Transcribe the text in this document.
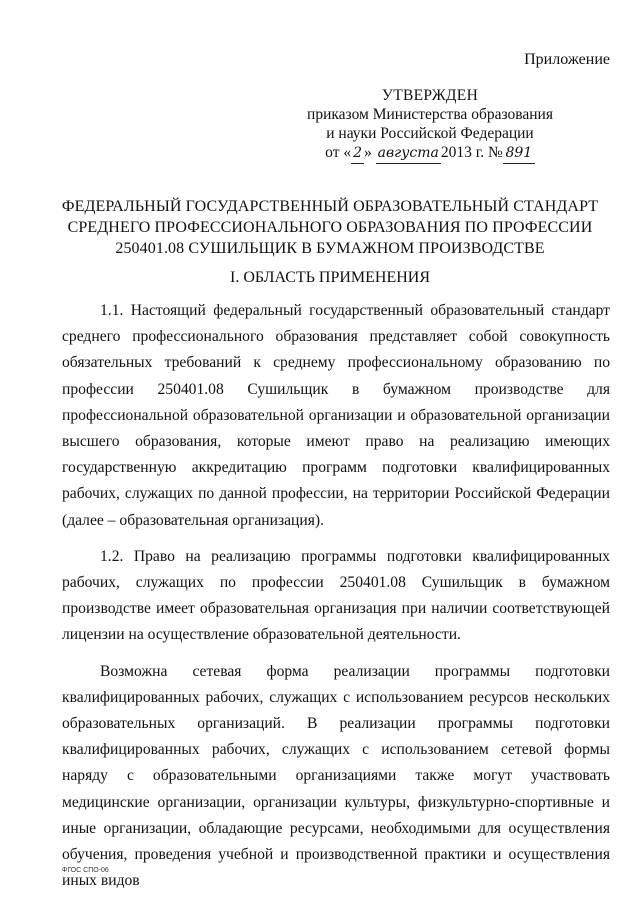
Приложение
УТВЕРЖДЕН
приказом Министерства образования
и науки Российской Федерации
от « 2 » августа 2013 г. № 891
ФЕДЕРАЛЬНЫЙ ГОСУДАРСТВЕННЫЙ ОБРАЗОВАТЕЛЬНЫЙ СТАНДАРТ
СРЕДНЕГО ПРОФЕССИОНАЛЬНОГО ОБРАЗОВАНИЯ ПО ПРОФЕССИИ
250401.08 СУШИЛЬЩИК В БУМАЖНОМ ПРОИЗВОДСТВЕ
I. ОБЛАСТЬ ПРИМЕНЕНИЯ

1.1. Настоящий федеральный государственный образовательный стандарт среднего профессионального образования представляет собой совокупность обязательных требований к среднему профессиональному образованию по профессии 250401.08 Сушильщик в бумажном производстве для профессиональной образовательной организации и образовательной организации высшего образования, которые имеют право на реализацию имеющих государственную аккредитацию программ подготовки квалифицированных рабочих, служащих по данной профессии, на территории Российской Федерации (далее – образовательная организация).

1.2. Право на реализацию программы подготовки квалифицированных рабочих, служащих по профессии 250401.08 Сушильщик в бумажном производстве имеет образовательная организация при наличии соответствующей лицензии на осуществление образовательной деятельности.

Возможна сетевая форма реализации программы подготовки квалифицированных рабочих, служащих с использованием ресурсов нескольких образовательных организаций. В реализации программы подготовки квалифицированных рабочих, служащих с использованием сетевой формы наряду с образовательными организациями также могут участвовать медицинские организации, организации культуры, физкультурно-спортивные и иные организации, обладающие ресурсами, необходимыми для осуществления обучения, проведения учебной и производственной практики и осуществления иных видов

ФГОС СПО-06
